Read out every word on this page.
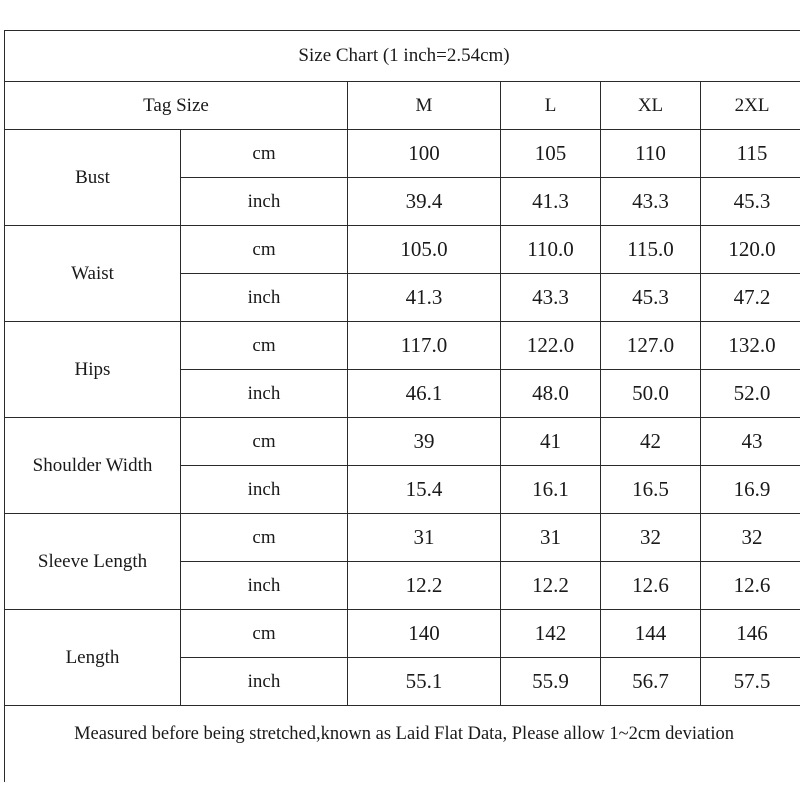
Size Chart (1 inch=2.54cm)					
Tag Size		M	L	XL	2XL
Bust	cm	100	105	110	115
	inch	39.4	41.3	43.3	45.3
Waist	cm	105.0	110.0	115.0	120.0
	inch	41.3	43.3	45.3	47.2
Hips	cm	117.0	122.0	127.0	132.0
	inch	46.1	48.0	50.0	52.0
Shoulder Width	cm	39	41	42	43
	inch	15.4	16.1	16.5	16.9
Sleeve Length	cm	31	31	32	32
	inch	12.2	12.2	12.6	12.6
Length	cm	140	142	144	146
	inch	55.1	55.9	56.7	57.5
Measured before being stretched,known as Laid Flat Data, Please allow 1~2cm deviation					
